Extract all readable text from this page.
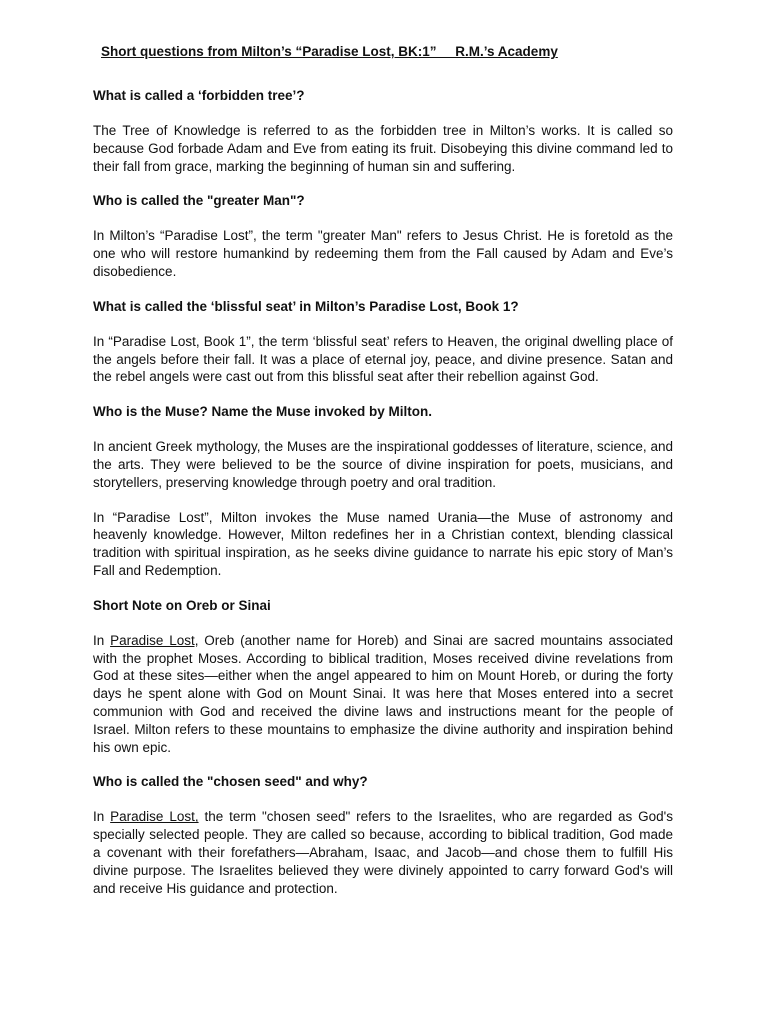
Short questions from Milton’s “Paradise Lost, BK:1”     R.M.’s Academy

What is called a ‘forbidden tree’?

The Tree of Knowledge is referred to as the forbidden tree in Milton’s works. It is called so because God forbade Adam and Eve from eating its fruit. Disobeying this divine command led to their fall from grace, marking the beginning of human sin and suffering.

Who is called the "greater Man"?

In Milton’s “Paradise Lost”, the term "greater Man" refers to Jesus Christ. He is foretold as the one who will restore humankind by redeeming them from the Fall caused by Adam and Eve’s disobedience.

What is called the ‘blissful seat’ in Milton’s Paradise Lost, Book 1?

In “Paradise Lost, Book 1”, the term ‘blissful seat’ refers to Heaven, the original dwelling place of the angels before their fall. It was a place of eternal joy, peace, and divine presence. Satan and the rebel angels were cast out from this blissful seat after their rebellion against God.

Who is the Muse? Name the Muse invoked by Milton.

In ancient Greek mythology, the Muses are the inspirational goddesses of literature, science, and the arts. They were believed to be the source of divine inspiration for poets, musicians, and storytellers, preserving knowledge through poetry and oral tradition.

In “Paradise Lost”, Milton invokes the Muse named Urania—the Muse of astronomy and heavenly knowledge. However, Milton redefines her in a Christian context, blending classical tradition with spiritual inspiration, as he seeks divine guidance to narrate his epic story of Man’s Fall and Redemption.

Short Note on Oreb or Sinai

In Paradise Lost, Oreb (another name for Horeb) and Sinai are sacred mountains associated with the prophet Moses. According to biblical tradition, Moses received divine revelations from God at these sites—either when the angel appeared to him on Mount Horeb, or during the forty days he spent alone with God on Mount Sinai. It was here that Moses entered into a secret communion with God and received the divine laws and instructions meant for the people of Israel. Milton refers to these mountains to emphasize the divine authority and inspiration behind his own epic.

Who is called the "chosen seed" and why?

In Paradise Lost, the term "chosen seed" refers to the Israelites, who are regarded as God's specially selected people. They are called so because, according to biblical tradition, God made a covenant with their forefathers—Abraham, Isaac, and Jacob—and chose them to fulfill His divine purpose. The Israelites believed they were divinely appointed to carry forward God's will and receive His guidance and protection.
